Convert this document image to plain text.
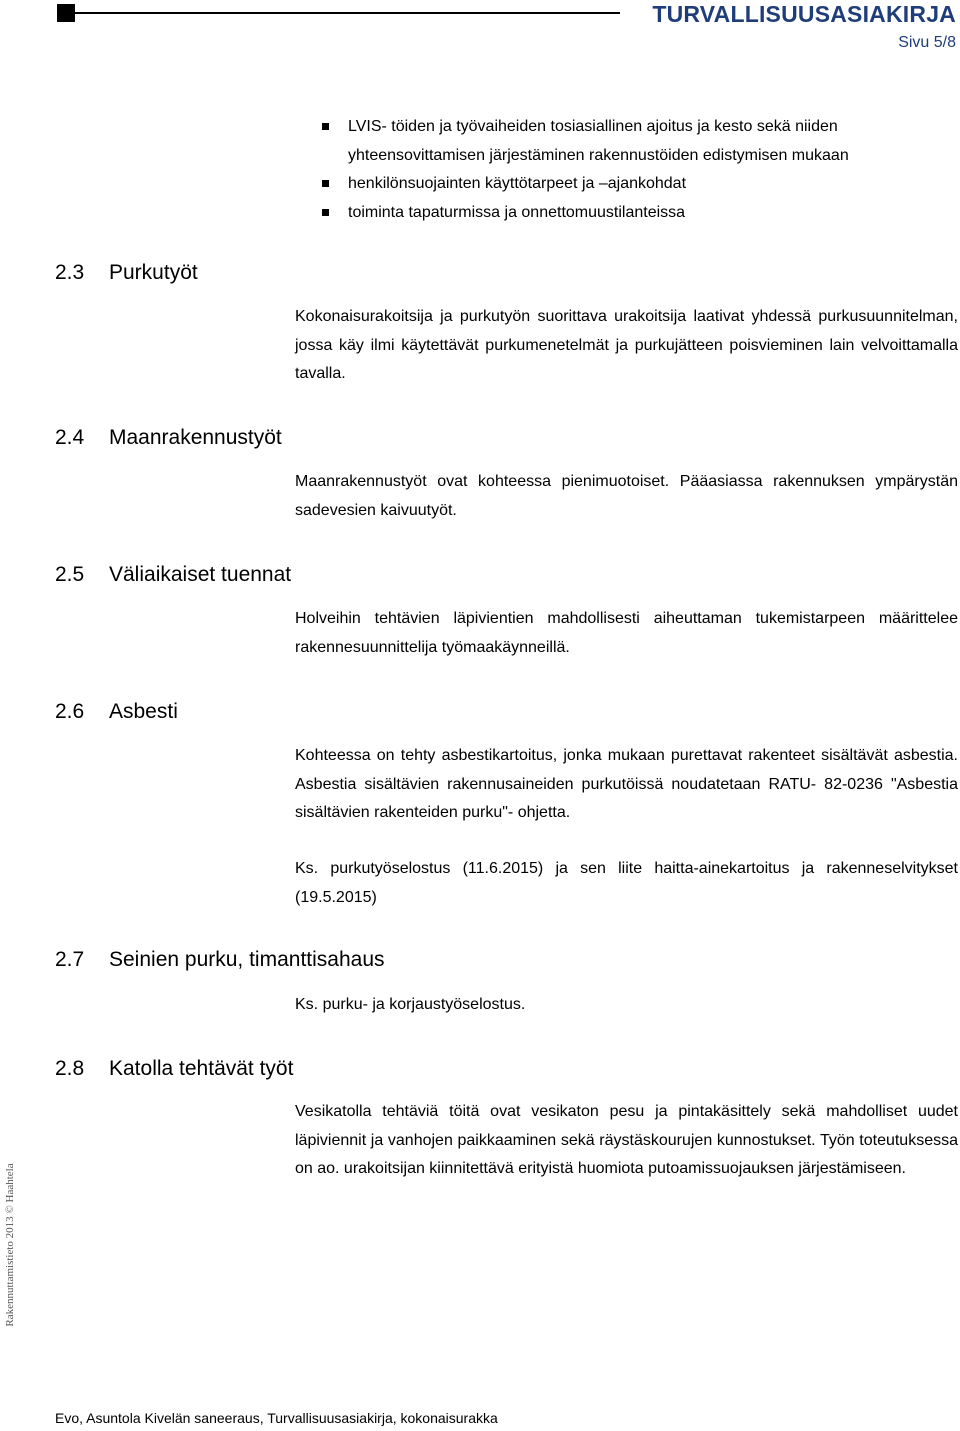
TURVALLISUUSASIAKIRJA
Sivu 5/8
LVIS- töiden ja työvaiheiden tosiasiallinen ajoitus ja kesto sekä niiden yhteensovittamisen järjestäminen rakennustöiden edistymisen mukaan
henkilönsuojainten käyttötarpeet ja –ajankohdat
toiminta tapaturmissa ja onnettomuustilanteissa
2.3 Purkutyöt

Kokonaisurakoitsija ja purkutyön suorittava urakoitsija laativat yhdessä purkusuunnitelman, jossa käy ilmi käytettävät purkumenetelmät ja purkujätteen poisvieminen lain velvoittamalla tavalla.

2.4 Maanrakennustyöt

Maanrakennustyöt ovat kohteessa pienimuotoiset. Pääasiassa rakennuksen ympärystän sadevesien kaivuutyöt.

2.5 Väliaikaiset tuennat

Holveihin tehtävien läpivientien mahdollisesti aiheuttaman tukemistarpeen määrittelee rakennesuunnittelija työmaakäynneillä.

2.6 Asbesti

Kohteessa on tehty asbestikartoitus, jonka mukaan purettavat rakenteet sisältävät asbestia. Asbestia sisältävien rakennusaineiden purkutöissä noudatetaan RATU- 82-0236 "Asbestia sisältävien rakenteiden purku"- ohjetta.

Ks. purkutyöselostus (11.6.2015) ja sen liite haitta-ainekartoitus ja rakenneselvitykset (19.5.2015)

2.7 Seinien purku, timanttisahaus

Ks. purku- ja korjaustyöselostus.

2.8 Katolla tehtävät työt

Vesikatolla tehtäviä töitä ovat vesikaton pesu ja pintakäsittely sekä mahdolliset uudet läpiviennit ja vanhojen paikkaaminen sekä räystäskourujen kunnostukset. Työn toteutuksessa on ao. urakoitsijan kiinnitettävä erityistä huomiota putoamissuojauksen järjestämiseen.

Rakennuttamistieto 2013 © Haahtela
Evo, Asuntola Kivelän saneeraus, Turvallisuusasiakirja, kokonaisurakka
